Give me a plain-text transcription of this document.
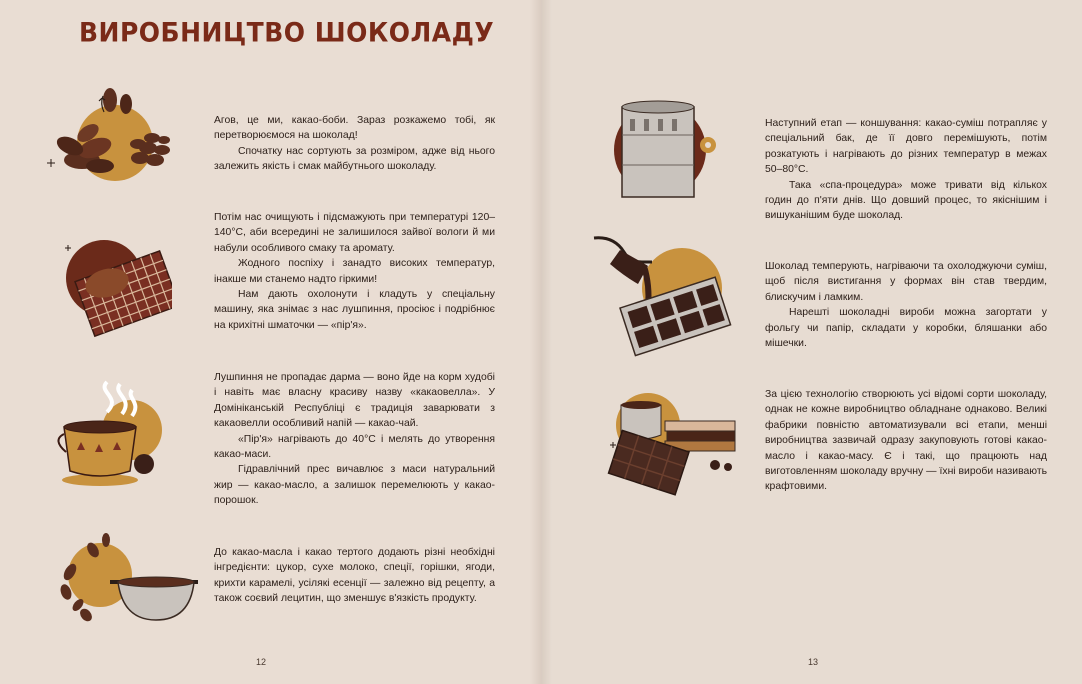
ВИРОБНИЦТВО ШОКОЛАДУ

Агов, це ми, какао-боби. Зараз розкажемо тобі, як перетворюємося на шоколад!

Спочатку нас сортують за розміром, адже від нього залежить якість і смак майбутнього шоколаду.

Потім нас очищують і підсмажують при температурі 120–140°С, аби всередині не залишилося зайвої вологи й ми набули особливого смаку та аромату.

Жодного поспіху і занадто високих температур, інакше ми станемо надто гіркими!

Нам дають охолонути і кладуть у спеціальну машину, яка знімає з нас лушпиння, просіює і подрібнює на крихітні шматочки — «пір'я».

Лушпиння не пропадає дарма — воно йде на корм худобі і навіть має власну красиву назву «какаовелла». У Домініканській Республіці є традиція заварювати з какаовелли особливий напій — какао-чай.

«Пір'я» нагрівають до 40°С і мелять до утворення какао-маси.

Гідравлічний прес вичавлює з маси натуральний жир — какао-масло, а залишок перемелюють у какао-порошок.

До какао-масла і какао тертого додають різні необхідні інгредієнти: цукор, сухе молоко, спеції, горішки, ягоди, крихти карамелі, усілякі есенції — залежно від рецепту, а також соєвий лецитин, що зменшує в'язкість продукту.

Наступний етап — коншування: какао-суміш потрапляє у спеціальний бак, де її довго перемішують, потім розкатують і нагрівають до різних температур в межах 50–80°С.

Така «спа-процедура» може тривати від кількох годин до п'яти днів. Що довший процес, то якіснішим і вишуканішим буде шоколад.

Шоколад темперують, нагріваючи та охолоджуючи суміш, щоб після вистигання у формах він став твердим, блискучим і ламким.

Нарешті шоколадні вироби можна загортати у фольгу чи папір, складати у коробки, бляшанки або мішечки.

За цією технологію створюють усі відомі сорти шоколаду, однак не кожне виробництво обладнане однаково. Великі фабрики повністю автоматизували всі етапи, менші виробництва зазвичай одразу закуповують готові какао-масло і какао-масу. Є і такі, що працюють над виготовленням шоколаду вручну — їхні вироби називають крафтовими.

12	13
